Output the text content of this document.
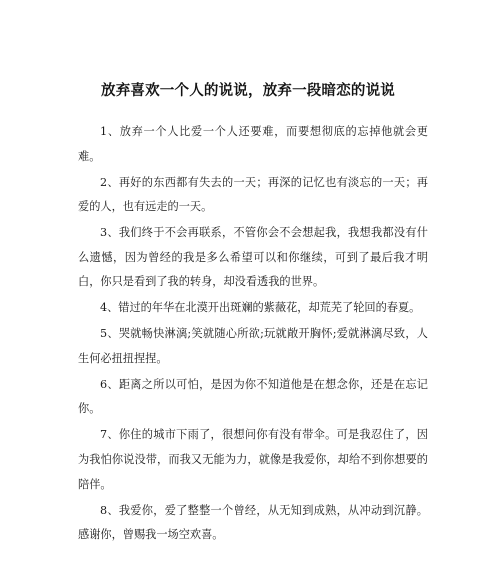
放弃喜欢一个人的说说，放弃一段暗恋的说说

1、放弃一个人比爱一个人还要难，而要想彻底的忘掉他就会更难。

2、再好的东西都有失去的一天；再深的记忆也有淡忘的一天；再爱的人，也有远走的一天。

3、我们终于不会再联系，不管你会不会想起我，我想我都没有什么遗憾，因为曾经的我是多么希望可以和你继续，可到了最后我才明白，你只是看到了我的转身，却没看透我的世界。

4、错过的年华在北漠开出斑斓的紫薇花，却荒芜了轮回的春夏。

5、哭就畅快淋漓;笑就随心所欲;玩就敞开胸怀;爱就淋漓尽致，人生何必扭扭捏捏。

6、距离之所以可怕，是因为你不知道他是在想念你，还是在忘记你。

7、你住的城市下雨了，很想问你有没有带伞。可是我忍住了，因为我怕你说没带，而我又无能为力，就像是我爱你，却给不到你想要的陪伴。

8、我爱你，爱了整整一个曾经，从无知到成熟，从冲动到沉静。感谢你，曾赐我一场空欢喜。
